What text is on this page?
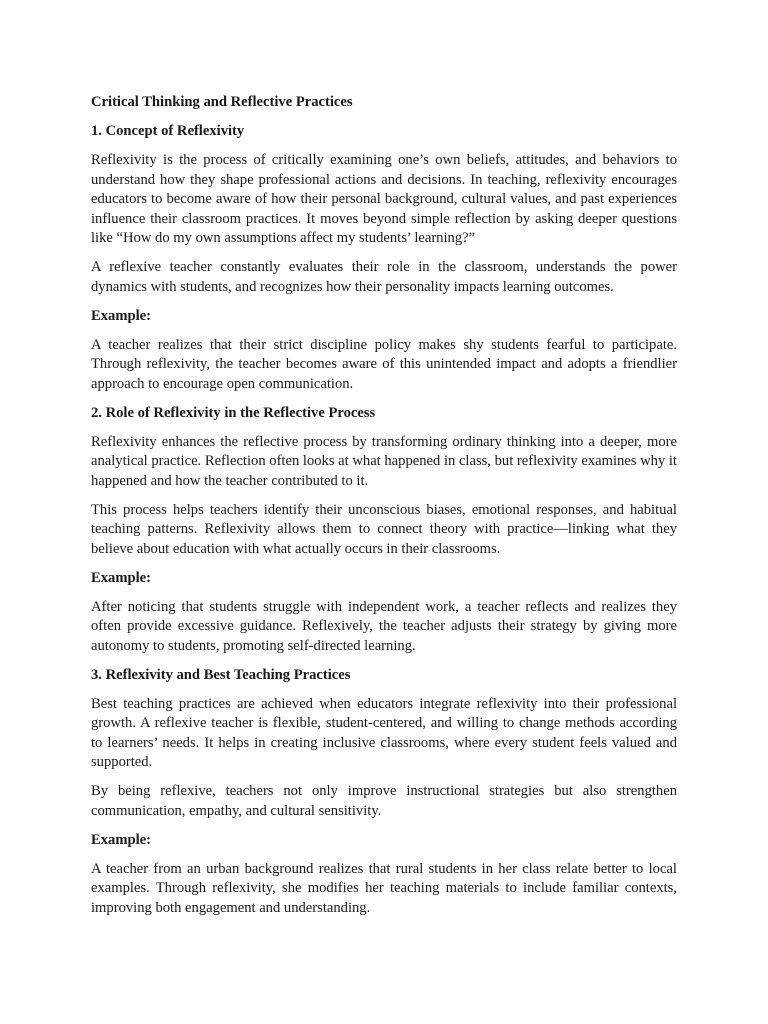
Critical Thinking and Reflective Practices

1. Concept of Reflexivity

Reflexivity is the process of critically examining one’s own beliefs, attitudes, and behaviors to understand how they shape professional actions and decisions. In teaching, reflexivity encourages educators to become aware of how their personal background, cultural values, and past experiences influence their classroom practices. It moves beyond simple reflection by asking deeper questions like “How do my own assumptions affect my students’ learning?”

A reflexive teacher constantly evaluates their role in the classroom, understands the power dynamics with students, and recognizes how their personality impacts learning outcomes.

Example:

A teacher realizes that their strict discipline policy makes shy students fearful to participate. Through reflexivity, the teacher becomes aware of this unintended impact and adopts a friendlier approach to encourage open communication.

2. Role of Reflexivity in the Reflective Process

Reflexivity enhances the reflective process by transforming ordinary thinking into a deeper, more analytical practice. Reflection often looks at what happened in class, but reflexivity examines why it happened and how the teacher contributed to it.

This process helps teachers identify their unconscious biases, emotional responses, and habitual teaching patterns. Reflexivity allows them to connect theory with practice—linking what they believe about education with what actually occurs in their classrooms.

Example:

After noticing that students struggle with independent work, a teacher reflects and realizes they often provide excessive guidance. Reflexively, the teacher adjusts their strategy by giving more autonomy to students, promoting self-directed learning.

3. Reflexivity and Best Teaching Practices

Best teaching practices are achieved when educators integrate reflexivity into their professional growth. A reflexive teacher is flexible, student-centered, and willing to change methods according to learners’ needs. It helps in creating inclusive classrooms, where every student feels valued and supported.

By being reflexive, teachers not only improve instructional strategies but also strengthen communication, empathy, and cultural sensitivity.

Example:

A teacher from an urban background realizes that rural students in her class relate better to local examples. Through reflexivity, she modifies her teaching materials to include familiar contexts, improving both engagement and understanding.
